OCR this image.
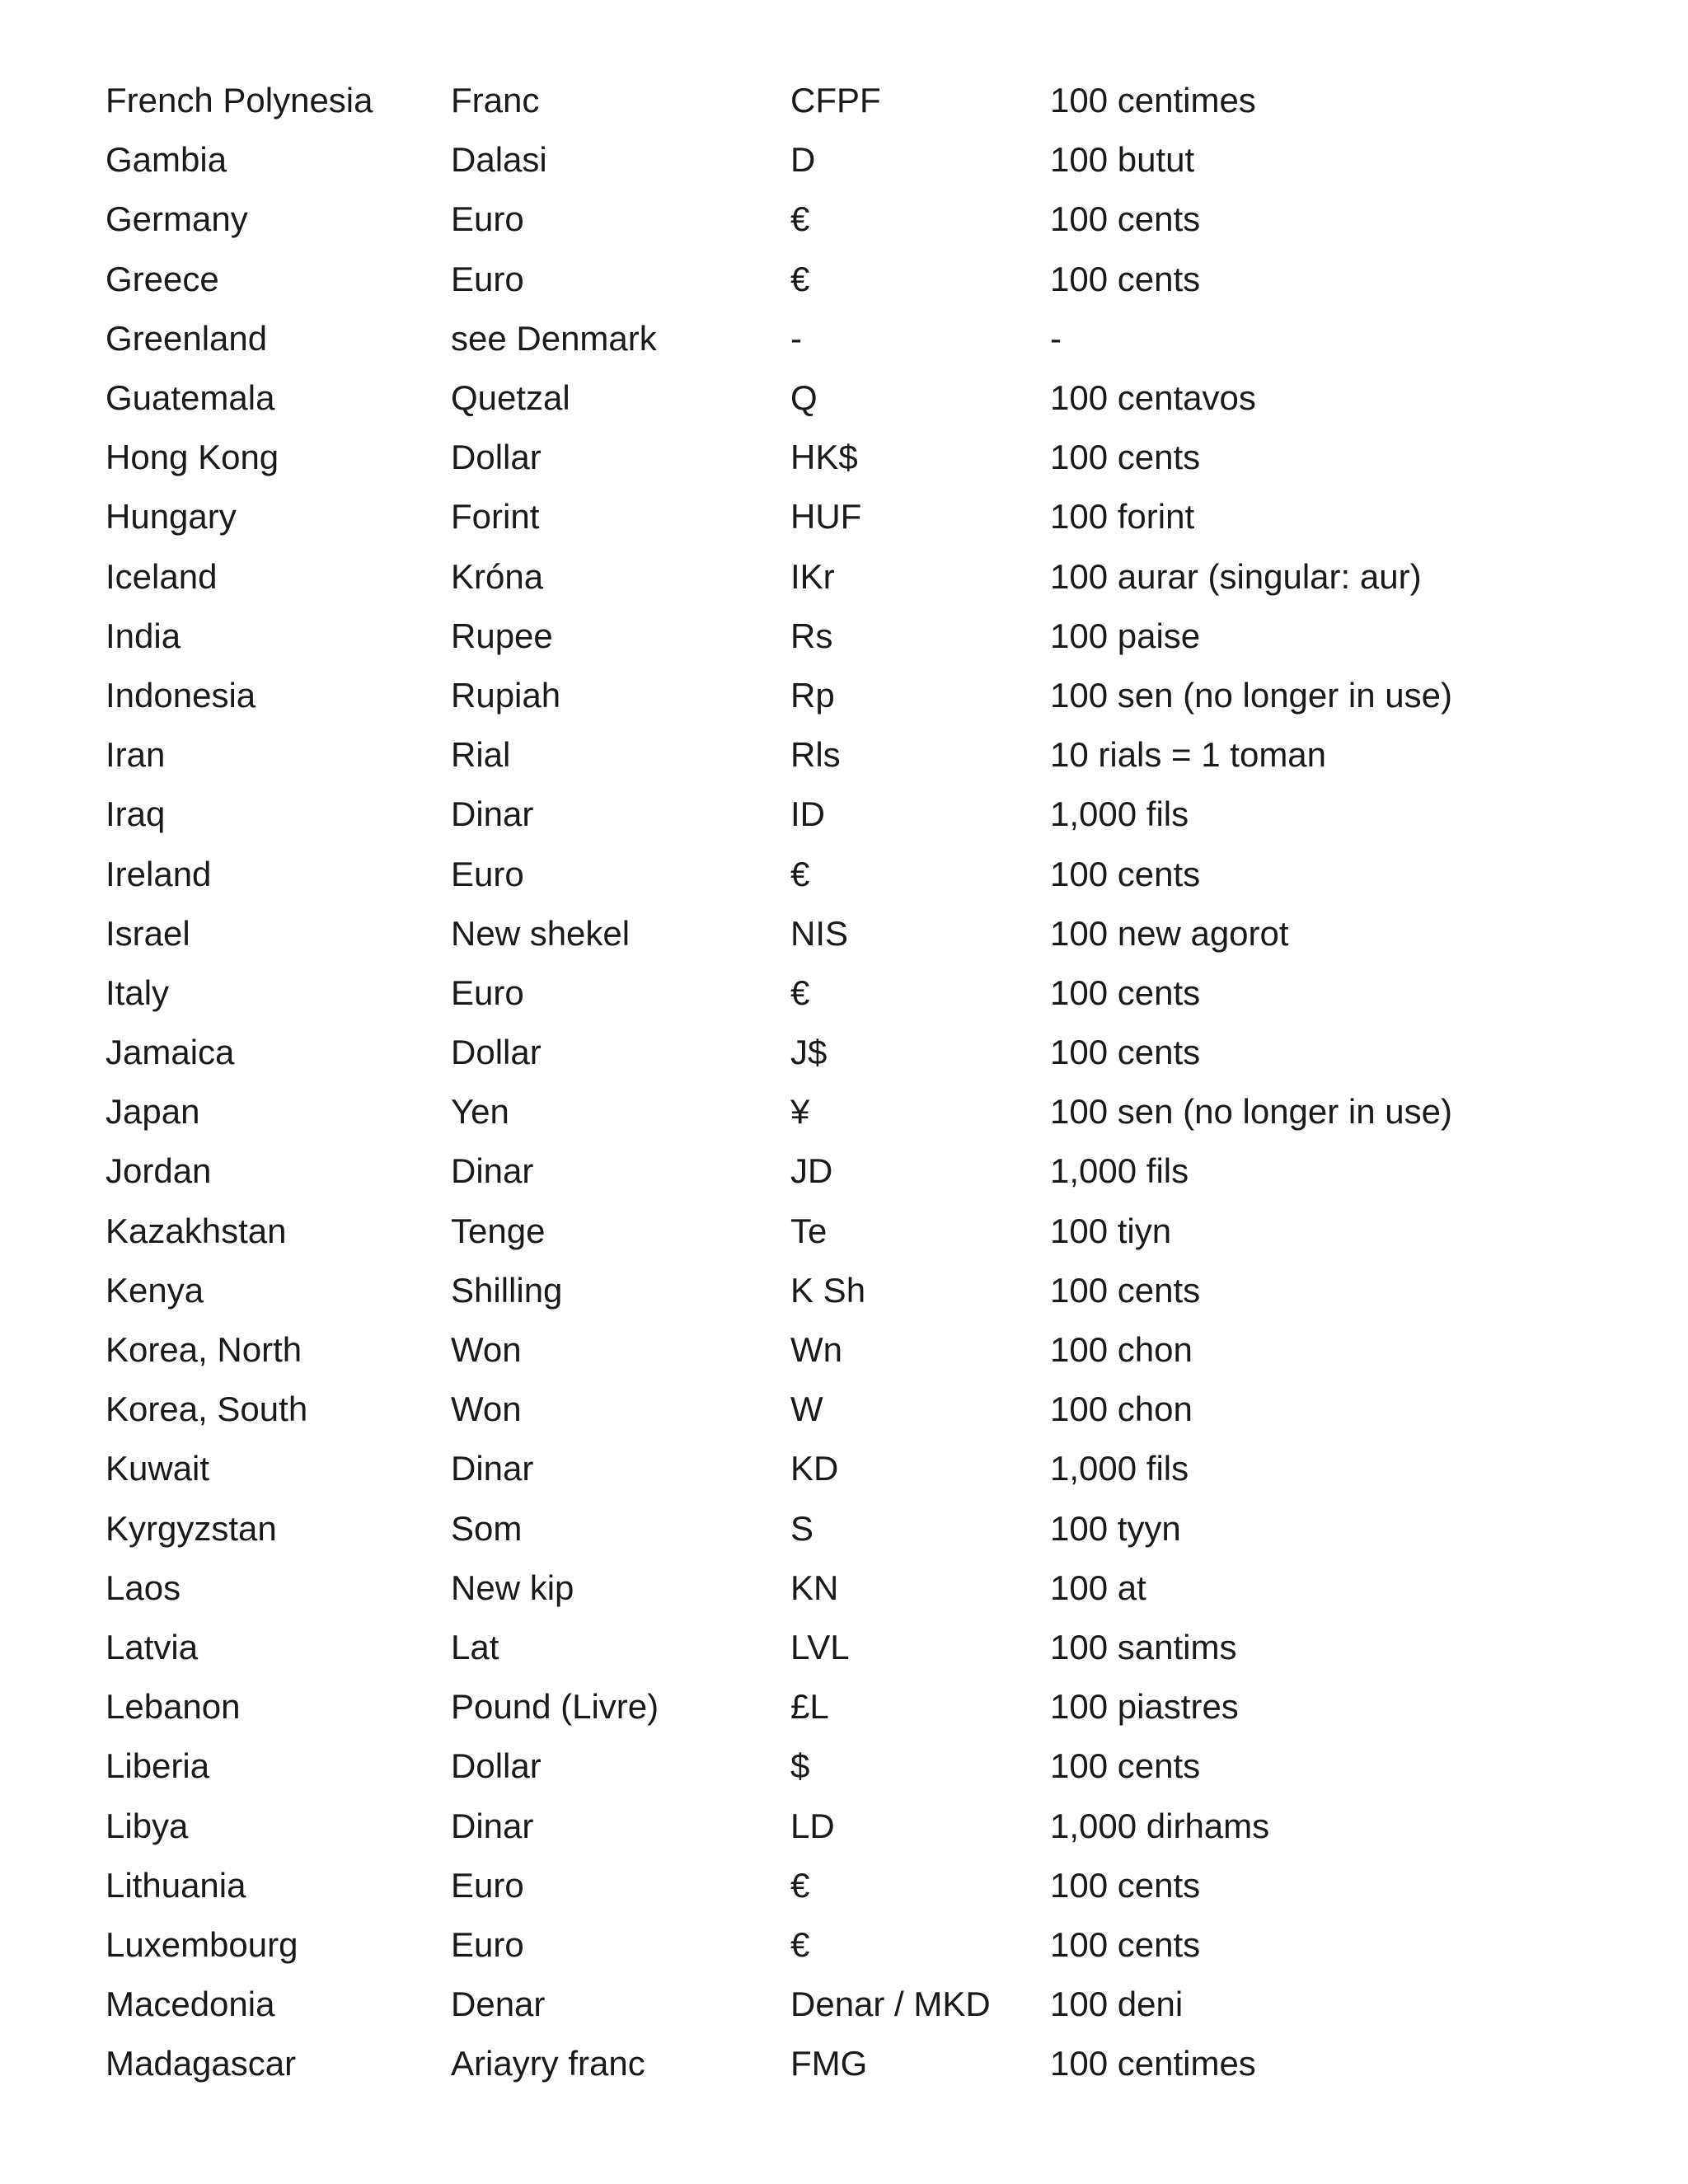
French Polynesia	Franc	CFPF	100 centimes
Gambia	Dalasi	D	100 butut
Germany	Euro	€	100 cents
Greece	Euro	€	100 cents
Greenland	see Denmark	-	-
Guatemala	Quetzal	Q	100 centavos
Hong Kong	Dollar	HK$	100 cents
Hungary	Forint	HUF	100 forint
Iceland	Króna	IKr	100 aurar (singular: aur)
India	Rupee	Rs	100 paise
Indonesia	Rupiah	Rp	100 sen (no longer in use)
Iran	Rial	Rls	10 rials = 1 toman
Iraq	Dinar	ID	1,000 fils
Ireland	Euro	€	100 cents
Israel	New shekel	NIS	100 new agorot
Italy	Euro	€	100 cents
Jamaica	Dollar	J$	100 cents
Japan	Yen	¥	100 sen (no longer in use)
Jordan	Dinar	JD	1,000 fils
Kazakhstan	Tenge	Te	100 tiyn
Kenya	Shilling	K Sh	100 cents
Korea, North	Won	Wn	100 chon
Korea, South	Won	W	100 chon
Kuwait	Dinar	KD	1,000 fils
Kyrgyzstan	Som	S	100 tyyn
Laos	New kip	KN	100 at
Latvia	Lat	LVL	100 santims
Lebanon	Pound (Livre)	£L	100 piastres
Liberia	Dollar	$	100 cents
Libya	Dinar	LD	1,000 dirhams
Lithuania	Euro	€	100 cents
Luxembourg	Euro	€	100 cents
Macedonia	Denar	Denar / MKD	100 deni
Madagascar	Ariayry franc	FMG	100 centimes
